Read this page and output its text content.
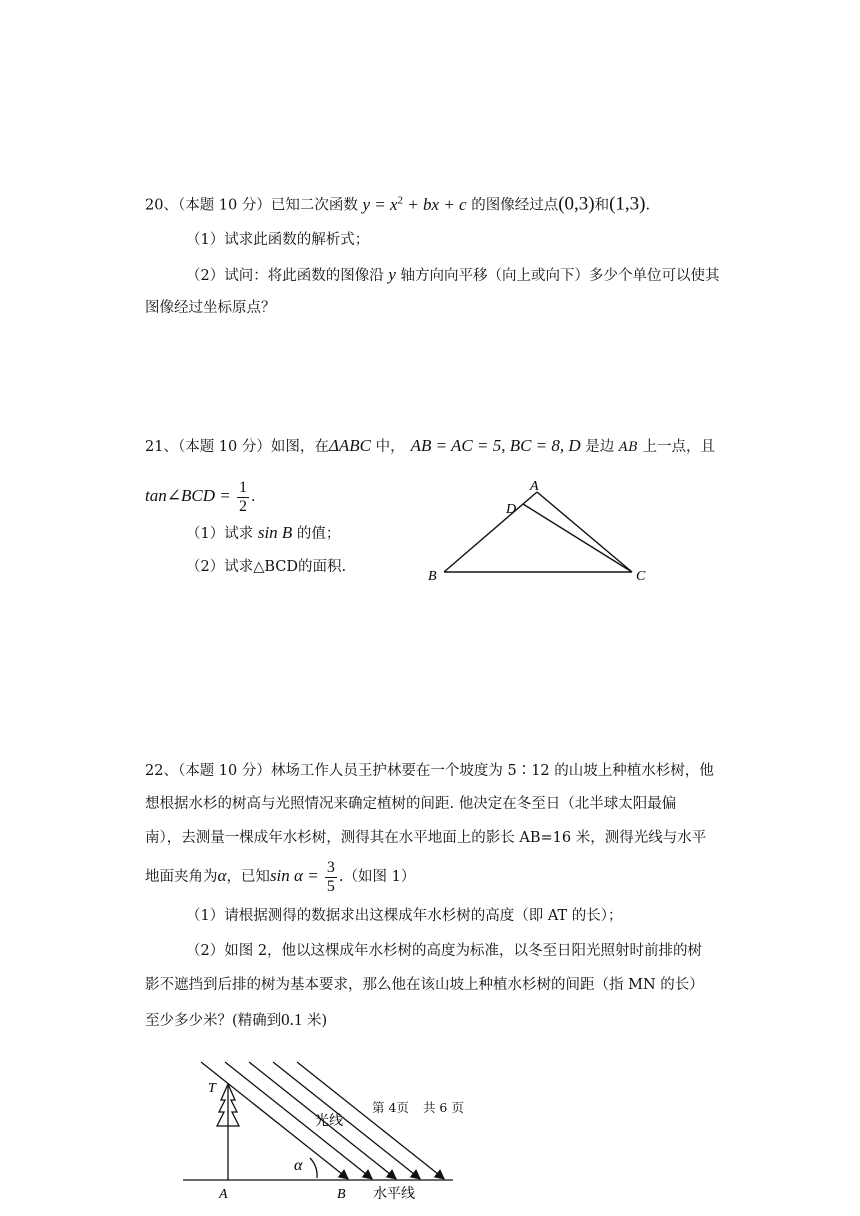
20、（本题 10 分）已知二次函数 $y = x^2$ + bx + c 的图像经过点(0,3)和(1,3).
（1）试求此函数的解析式；
（2）试问：将此函数的图像沿 y 轴方向向平移（向上或向下）多少个单位可以使其
图像经过坐标原点？
21、（本题 10 分）如图，在ΔABC 中， AB = AC = 5, BC = 8, D 是边 AB 上一点，且
tan∠BCD = $\frac{1}{2}$ .
（1）试求 sin B 的值；
（2）试求△BCD的面积.
A
D
B	C
22、（本题 10 分）林场工作人员王护林要在一个坡度为 5∶12 的山坡上种植水杉树，他
想根据水杉的树高与光照情况来确定植树的间距. 他决定在冬至日（北半球太阳最偏
南），去测量一棵成年水杉树，测得其在水平地面上的影长 AB=16 米，测得光线与水平
地面夹角为α，已知$\sin \alpha = \frac{3}{5}$ .（如图 1）
（1）请根据测得的数据求出这棵成年水杉树的高度（即 AT 的长）；
（2）如图 2，他以这棵成年水杉树的高度为标准，以冬至日阳光照射时前排的树
影不遮挡到后排的树为基本要求，那么他在该山坡上种植水杉树的间距（指 MN 的长）
至少多少米？(精确到0.1 米)
T
A	B
α
光线
水平线
第 4页 共 6 页
